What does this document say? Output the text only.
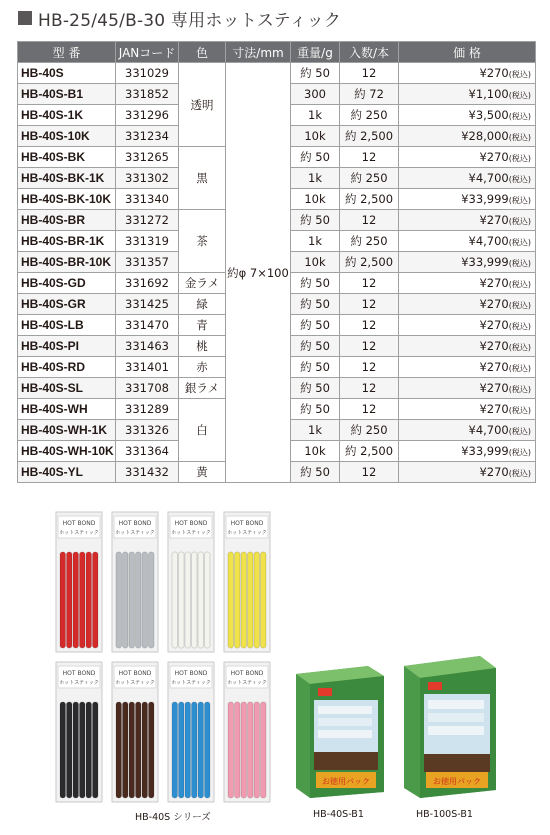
HB-25/45/B-30 専用ホットスティック
型 番	JANコード	色	寸法/mm	重量/g	入数/本	価 格
HB-40S	331029	透明	約φ 7×100	約 50	12	¥270(税込)
HB-40S-B1	331852			300	約 72	¥1,100(税込)
HB-40S-1K	331296			1k	約 250	¥3,500(税込)
HB-40S-10K	331234			10k	約 2,500	¥28,000(税込)
HB-40S-BK	331265	黒		約 50	12	¥270(税込)
HB-40S-BK-1K	331302			1k	約 250	¥4,700(税込)
HB-40S-BK-10K	331340			10k	約 2,500	¥33,999(税込)
HB-40S-BR	331272	茶		約 50	12	¥270(税込)
HB-40S-BR-1K	331319			1k	約 250	¥4,700(税込)
HB-40S-BR-10K	331357			10k	約 2,500	¥33,999(税込)
HB-40S-GD	331692	金ラメ		約 50	12	¥270(税込)
HB-40S-GR	331425	緑		約 50	12	¥270(税込)
HB-40S-LB	331470	青		約 50	12	¥270(税込)
HB-40S-PI	331463	桃		約 50	12	¥270(税込)
HB-40S-RD	331401	赤		約 50	12	¥270(税込)
HB-40S-SL	331708	銀ラメ		約 50	12	¥270(税込)
HB-40S-WH	331289	白		約 50	12	¥270(税込)
HB-40S-WH-1K	331326			1k	約 250	¥4,700(税込)
HB-40S-WH-10K	331364			10k	約 2,500	¥33,999(税込)
HB-40S-YL	331432	黄		約 50	12	¥270(税込)
HOT BOND
ホットスティック
HOT BOND
ホットスティック
HOT BOND
ホットスティック
HOT BOND
ホットスティック
HOT BOND
ホットスティック
HOT BOND
ホットスティック
HOT BOND
ホットスティック
HOT BOND
ホットスティック
お徳用パック	お徳用パック
HB-40S シリーズ	HB-40S-B1	HB-100S-B1
